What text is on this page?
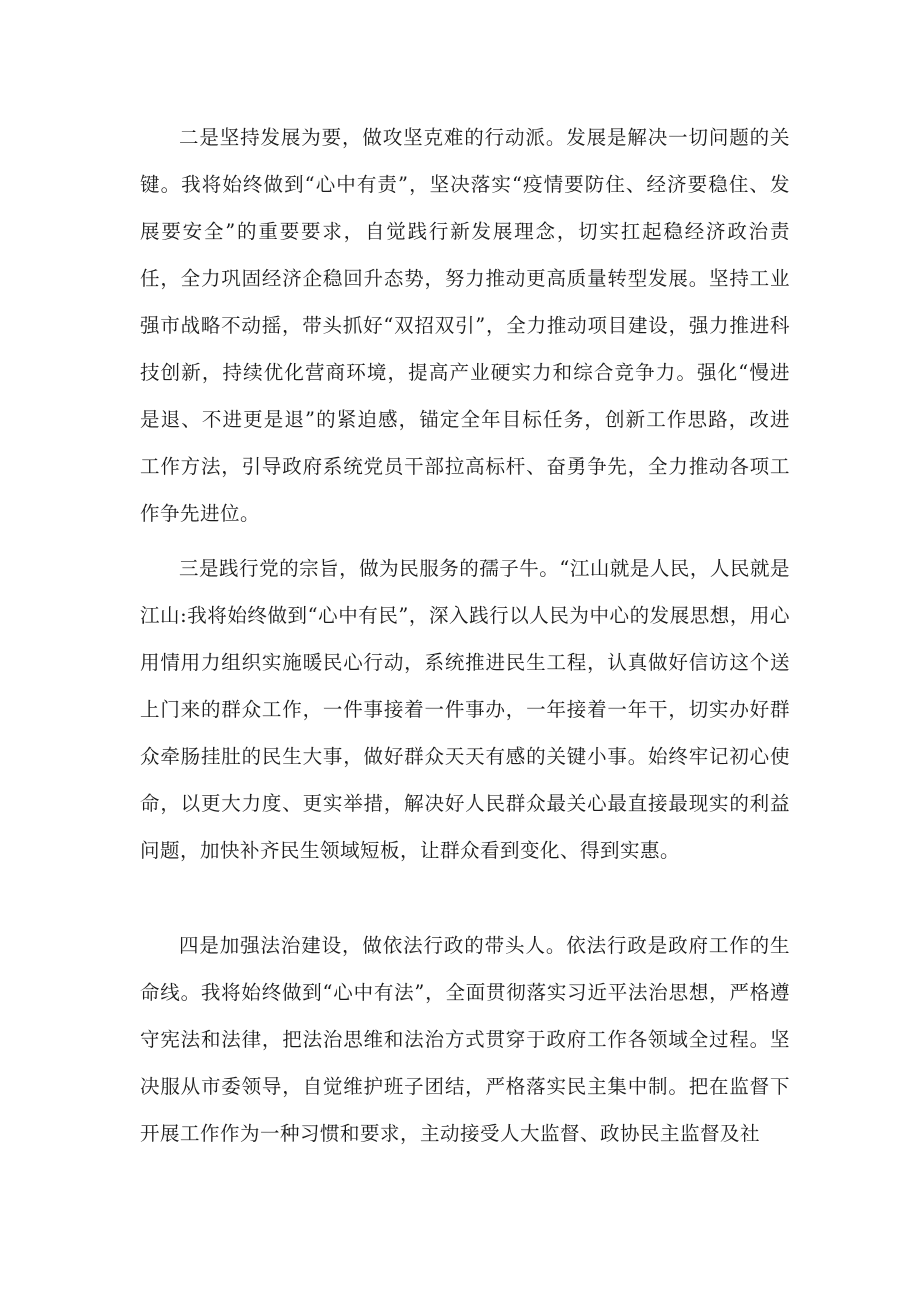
二是坚持发展为要，做攻坚克难的行动派。发展是解决一切问题的关键。我将始终做到“心中有责”，坚决落实“疫情要防住、经济要稳住、发展要安全”的重要要求，自觉践行新发展理念，切实扛起稳经济政治责任，全力巩固经济企稳回升态势，努力推动更高质量转型发展。坚持工业强市战略不动摇，带头抓好“双招双引”，全力推动项目建设，强力推进科技创新，持续优化营商环境，提高产业硬实力和综合竞争力。强化“慢进是退、不进更是退”的紧迫感，锚定全年目标任务，创新工作思路，改进工作方法，引导政府系统党员干部拉高标杆、奋勇争先，全力推动各项工作争先进位。

三是践行党的宗旨，做为民服务的孺子牛。“江山就是人民，人民就是江山:我将始终做到“心中有民”，深入践行以人民为中心的发展思想，用心用情用力组织实施暖民心行动，系统推进民生工程，认真做好信访这个送上门来的群众工作，一件事接着一件事办，一年接着一年干，切实办好群众牵肠挂肚的民生大事，做好群众天天有感的关键小事。始终牢记初心使命，以更大力度、更实举措，解决好人民群众最关心最直接最现实的利益问题，加快补齐民生领域短板，让群众看到变化、得到实惠。

四是加强法治建设，做依法行政的带头人。依法行政是政府工作的生命线。我将始终做到“心中有法”，全面贯彻落实习近平法治思想，严格遵守宪法和法律，把法治思维和法治方式贯穿于政府工作各领域全过程。坚决服从市委领导，自觉维护班子团结，严格落实民主集中制。把在监督下开展工作作为一种习惯和要求，主动接受人大监督、政协民主监督及社
